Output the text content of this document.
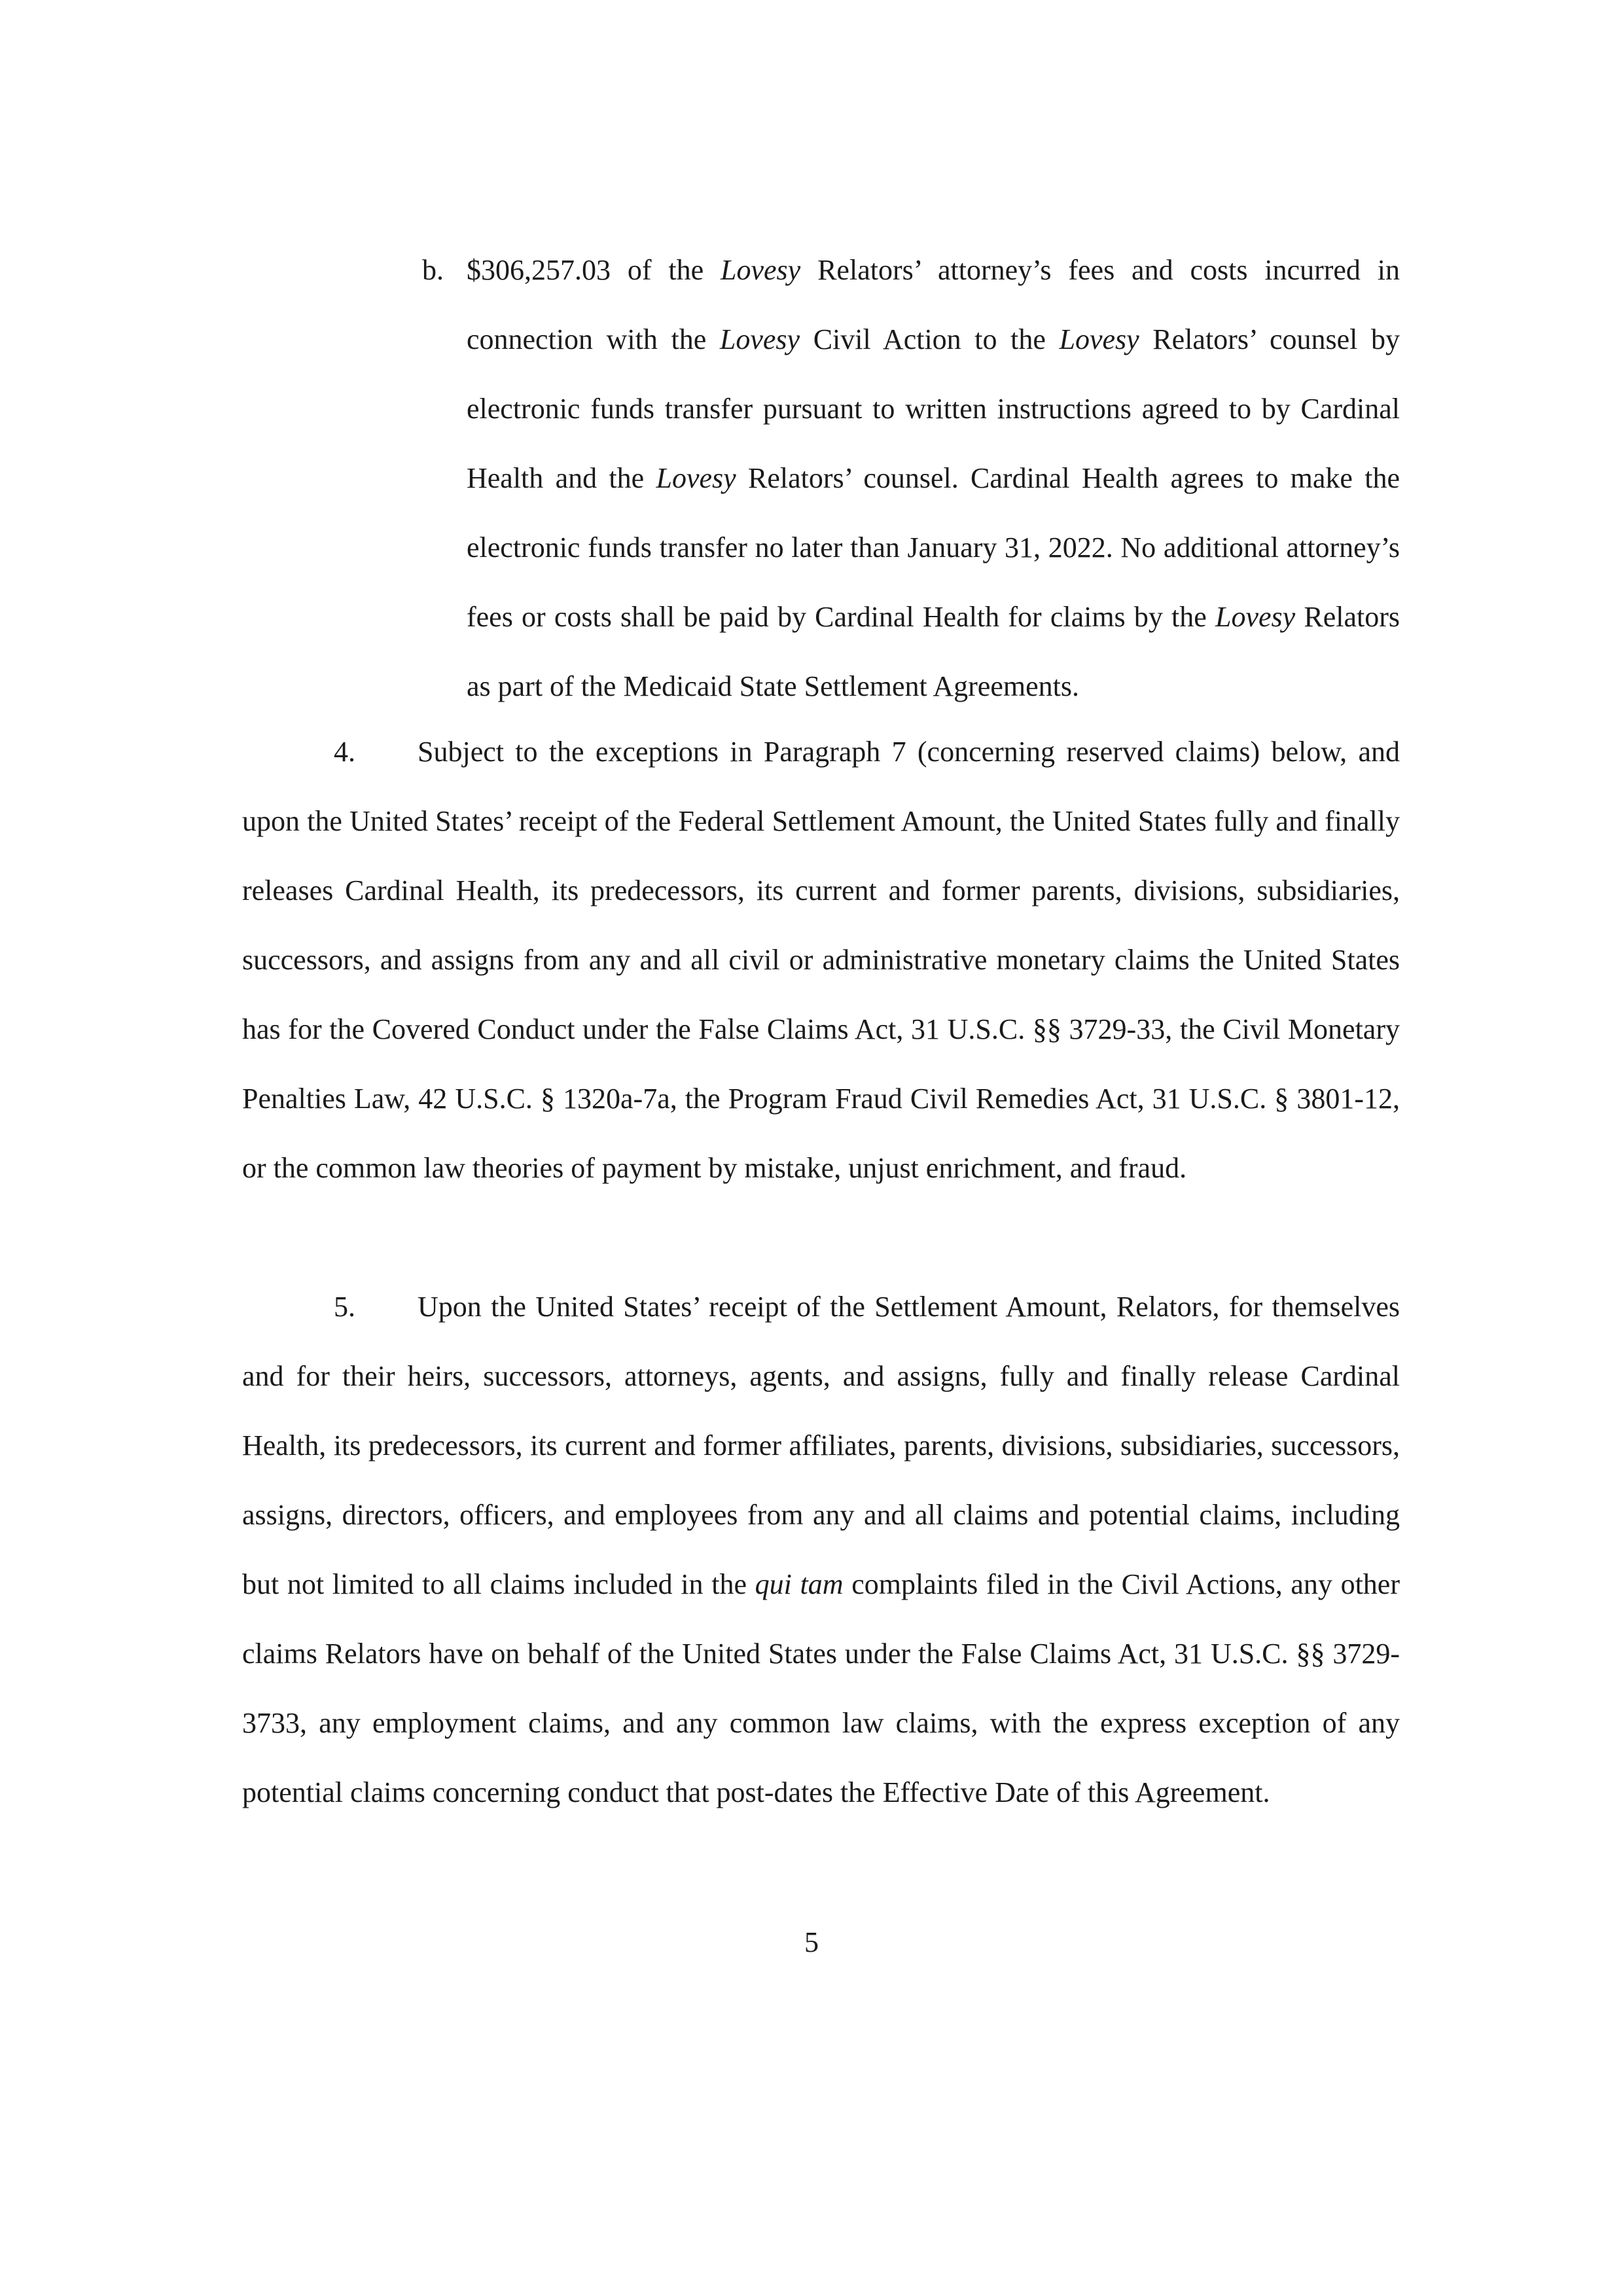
b. $306,257.03 of the Lovesy Relators’ attorney’s fees and costs incurred in connection with the Lovesy Civil Action to the Lovesy Relators’ counsel by electronic funds transfer pursuant to written instructions agreed to by Cardinal Health and the Lovesy Relators’ counsel. Cardinal Health agrees to make the electronic funds transfer no later than January 31, 2022. No additional attorney’s fees or costs shall be paid by Cardinal Health for claims by the Lovesy Relators as part of the Medicaid State Settlement Agreements.

4. Subject to the exceptions in Paragraph 7 (concerning reserved claims) below, and upon the United States’ receipt of the Federal Settlement Amount, the United States fully and finally releases Cardinal Health, its predecessors, its current and former parents, divisions, subsidiaries, successors, and assigns from any and all civil or administrative monetary claims the United States has for the Covered Conduct under the False Claims Act, 31 U.S.C. §§ 3729-33, the Civil Monetary Penalties Law, 42 U.S.C. § 1320a-7a, the Program Fraud Civil Remedies Act, 31 U.S.C. § 3801-12, or the common law theories of payment by mistake, unjust enrichment, and fraud.

5. Upon the United States’ receipt of the Settlement Amount, Relators, for themselves and for their heirs, successors, attorneys, agents, and assigns, fully and finally release Cardinal Health, its predecessors, its current and former affiliates, parents, divisions, subsidiaries, successors, assigns, directors, officers, and employees from any and all claims and potential claims, including but not limited to all claims included in the qui tam complaints filed in the Civil Actions, any other claims Relators have on behalf of the United States under the False Claims Act, 31 U.S.C. §§ 3729-3733, any employment claims, and any common law claims, with the express exception of any potential claims concerning conduct that post-dates the Effective Date of this Agreement.

5
